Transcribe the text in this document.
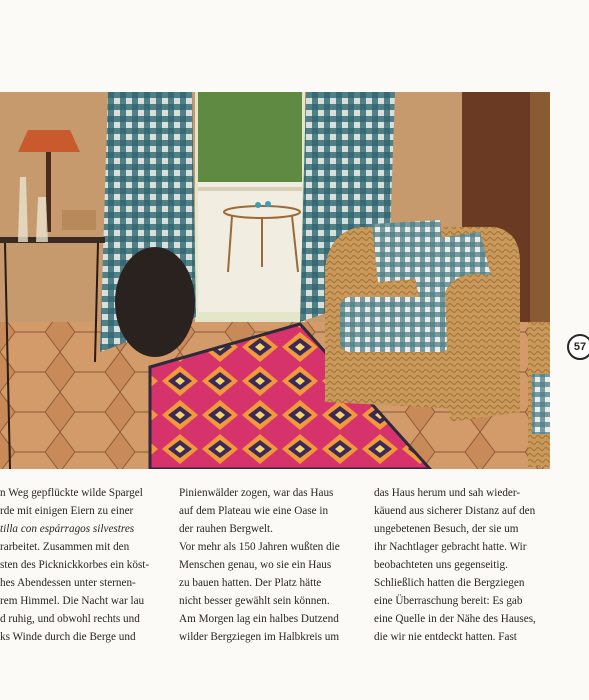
57

n Weg gepflückte wilde Spargel

rde mit einigen Eiern zu einer

tilla con espárragos silvestres

rarbeitet. Zusammen mit den

sten des Picknickkorbes ein köst-

hes Abendessen unter sternen-

rem Himmel. Die Nacht war lau

d ruhig, und obwohl rechts und

ks Winde durch die Berge und

Pinienwälder zogen, war das Haus

auf dem Plateau wie eine Oase in

der rauhen Bergwelt.

Vor mehr als 150 Jahren wußten die

Menschen genau, wo sie ein Haus

zu bauen hatten. Der Platz hätte

nicht besser gewählt sein können.

Am Morgen lag ein halbes Dutzend

wilder Bergziegen im Halbkreis um

das Haus herum und sah wieder-

käuend aus sicherer Distanz auf den

ungebetenen Besuch, der sie um

ihr Nachtlager gebracht hatte. Wir

beobachteten uns gegenseitig.

Schließlich hatten die Bergziegen

eine Überraschung bereit: Es gab

eine Quelle in der Nähe des Hauses,

die wir nie entdeckt hatten. Fast
